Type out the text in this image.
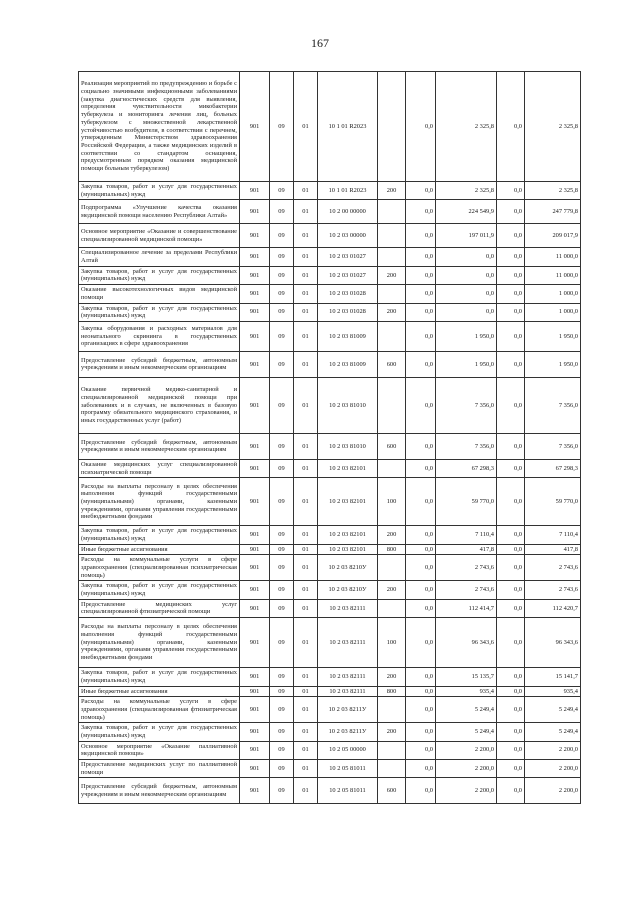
167
Реализация мероприятий по предупреждению и борьбе с социально значимыми инфекционными заболеваниями (закупка диагностических средств для выявления, определения чувствительности микобактерии туберкулеза и мониторинга лечения лиц, больных туберкулезом с множественной лекарственной устойчивостью возбудителя, в соответствии с перечнем, утвержденным Министерством здравоохранения Российской Федерации, а также медицинских изделий в соответствии со стандартом оснащения, предусмотренным порядком оказания медицинской помощи больным туберкулезом)	901	09	01	10 1 01 R2023		0,0	2 325,8	0,0	2 325,8
Закупка товаров, работ и услуг для государственных (муниципальных) нужд	901	09	01	10 1 01 R2023	200	0,0	2 325,8	0,0	2 325,8
Подпрограмма «Улучшение качества оказания медицинской помощи населению Республики Алтай»	901	09	01	10 2 00 00000		0,0	224 549,9	0,0	247 779,8
Основное мероприятие «Оказание и совершенствование специализированной медицинской помощи»	901	09	01	10 2 03 00000		0,0	197 011,9	0,0	209 017,9
Специализированное лечение за пределами Республики Алтай	901	09	01	10 2 03 01027		0,0	0,0	0,0	11 000,0
Закупка товаров, работ и услуг для государственных (муниципальных) нужд	901	09	01	10 2 03 01027	200	0,0	0,0	0,0	11 000,0
Оказание высокотехнологичных видов медицинской помощи	901	09	01	10 2 03 01028		0,0	0,0	0,0	1 000,0
Закупка товаров, работ и услуг для государственных (муниципальных) нужд	901	09	01	10 2 03 01028	200	0,0	0,0	0,0	1 000,0
Закупка оборудования и расходных материалов для неонатального скрининга в государственных организациях в сфере здравоохранения	901	09	01	10 2 03 81009		0,0	1 950,0	0,0	1 950,0
Предоставление субсидий бюджетным, автономным учреждениям и иным некоммерческим организациям	901	09	01	10 2 03 81009	600	0,0	1 950,0	0,0	1 950,0
Оказание первичной медико-санитарной и специализированной медицинской помощи при заболеваниях и в случаях, не включенных в базовую программу обязательного медицинского страхования, и иных государственных услуг (работ)	901	09	01	10 2 03 81010		0,0	7 356,0	0,0	7 356,0
Предоставление субсидий бюджетным, автономным учреждениям и иным некоммерческим организациям	901	09	01	10 2 03 81010	600	0,0	7 356,0	0,0	7 356,0
Оказание медицинских услуг специализированной психиатрической помощи	901	09	01	10 2 03 82101		0,0	67 298,3	0,0	67 298,3
Расходы на выплаты персоналу в целях обеспечения выполнения функций государственными (муниципальными) органами, казенными учреждениями, органами управления государственными внебюджетными фондами	901	09	01	10 2 03 82101	100	0,0	59 770,0	0,0	59 770,0
Закупка товаров, работ и услуг для государственных (муниципальных) нужд	901	09	01	10 2 03 82101	200	0,0	7 110,4	0,0	7 110,4
Иные бюджетные ассигнования	901	09	01	10 2 03 82101	800	0,0	417,8	0,0	417,8
Расходы на коммунальные услуги в сфере здравоохранения (специализированная психиатрическая помощь)	901	09	01	10 2 03 8210У		0,0	2 743,6	0,0	2 743,6
Закупка товаров, работ и услуг для государственных (муниципальных) нужд	901	09	01	10 2 03 8210У	200	0,0	2 743,6	0,0	2 743,6
Предоставление медицинских услуг специализированной фтизиатрической помощи	901	09	01	10 2 03 82111		0,0	112 414,7	0,0	112 420,7
Расходы на выплаты персоналу в целях обеспечения выполнения функций государственными (муниципальными) органами, казенными учреждениями, органами управления государственными внебюджетными фондами	901	09	01	10 2 03 82111	100	0,0	96 343,6	0,0	96 343,6
Закупка товаров, работ и услуг для государственных (муниципальных) нужд	901	09	01	10 2 03 82111	200	0,0	15 135,7	0,0	15 141,7
Иные бюджетные ассигнования	901	09	01	10 2 03 82111	800	0,0	935,4	0,0	935,4
Расходы на коммунальные услуги в сфере здравоохранения (специализированная фтизиатрическая помощь)	901	09	01	10 2 03 8211У		0,0	5 249,4	0,0	5 249,4
Закупка товаров, работ и услуг для государственных (муниципальных) нужд	901	09	01	10 2 03 8211У	200	0,0	5 249,4	0,0	5 249,4
Основное мероприятие «Оказание паллиативной медицинской помощи»	901	09	01	10 2 05 00000		0,0	2 200,0	0,0	2 200,0
Предоставление медицинских услуг по паллиативной помощи	901	09	01	10 2 05 81011		0,0	2 200,0	0,0	2 200,0
Предоставление субсидий бюджетным, автономным учреждениям и иным некоммерческим организациям	901	09	01	10 2 05 81011	600	0,0	2 200,0	0,0	2 200,0
